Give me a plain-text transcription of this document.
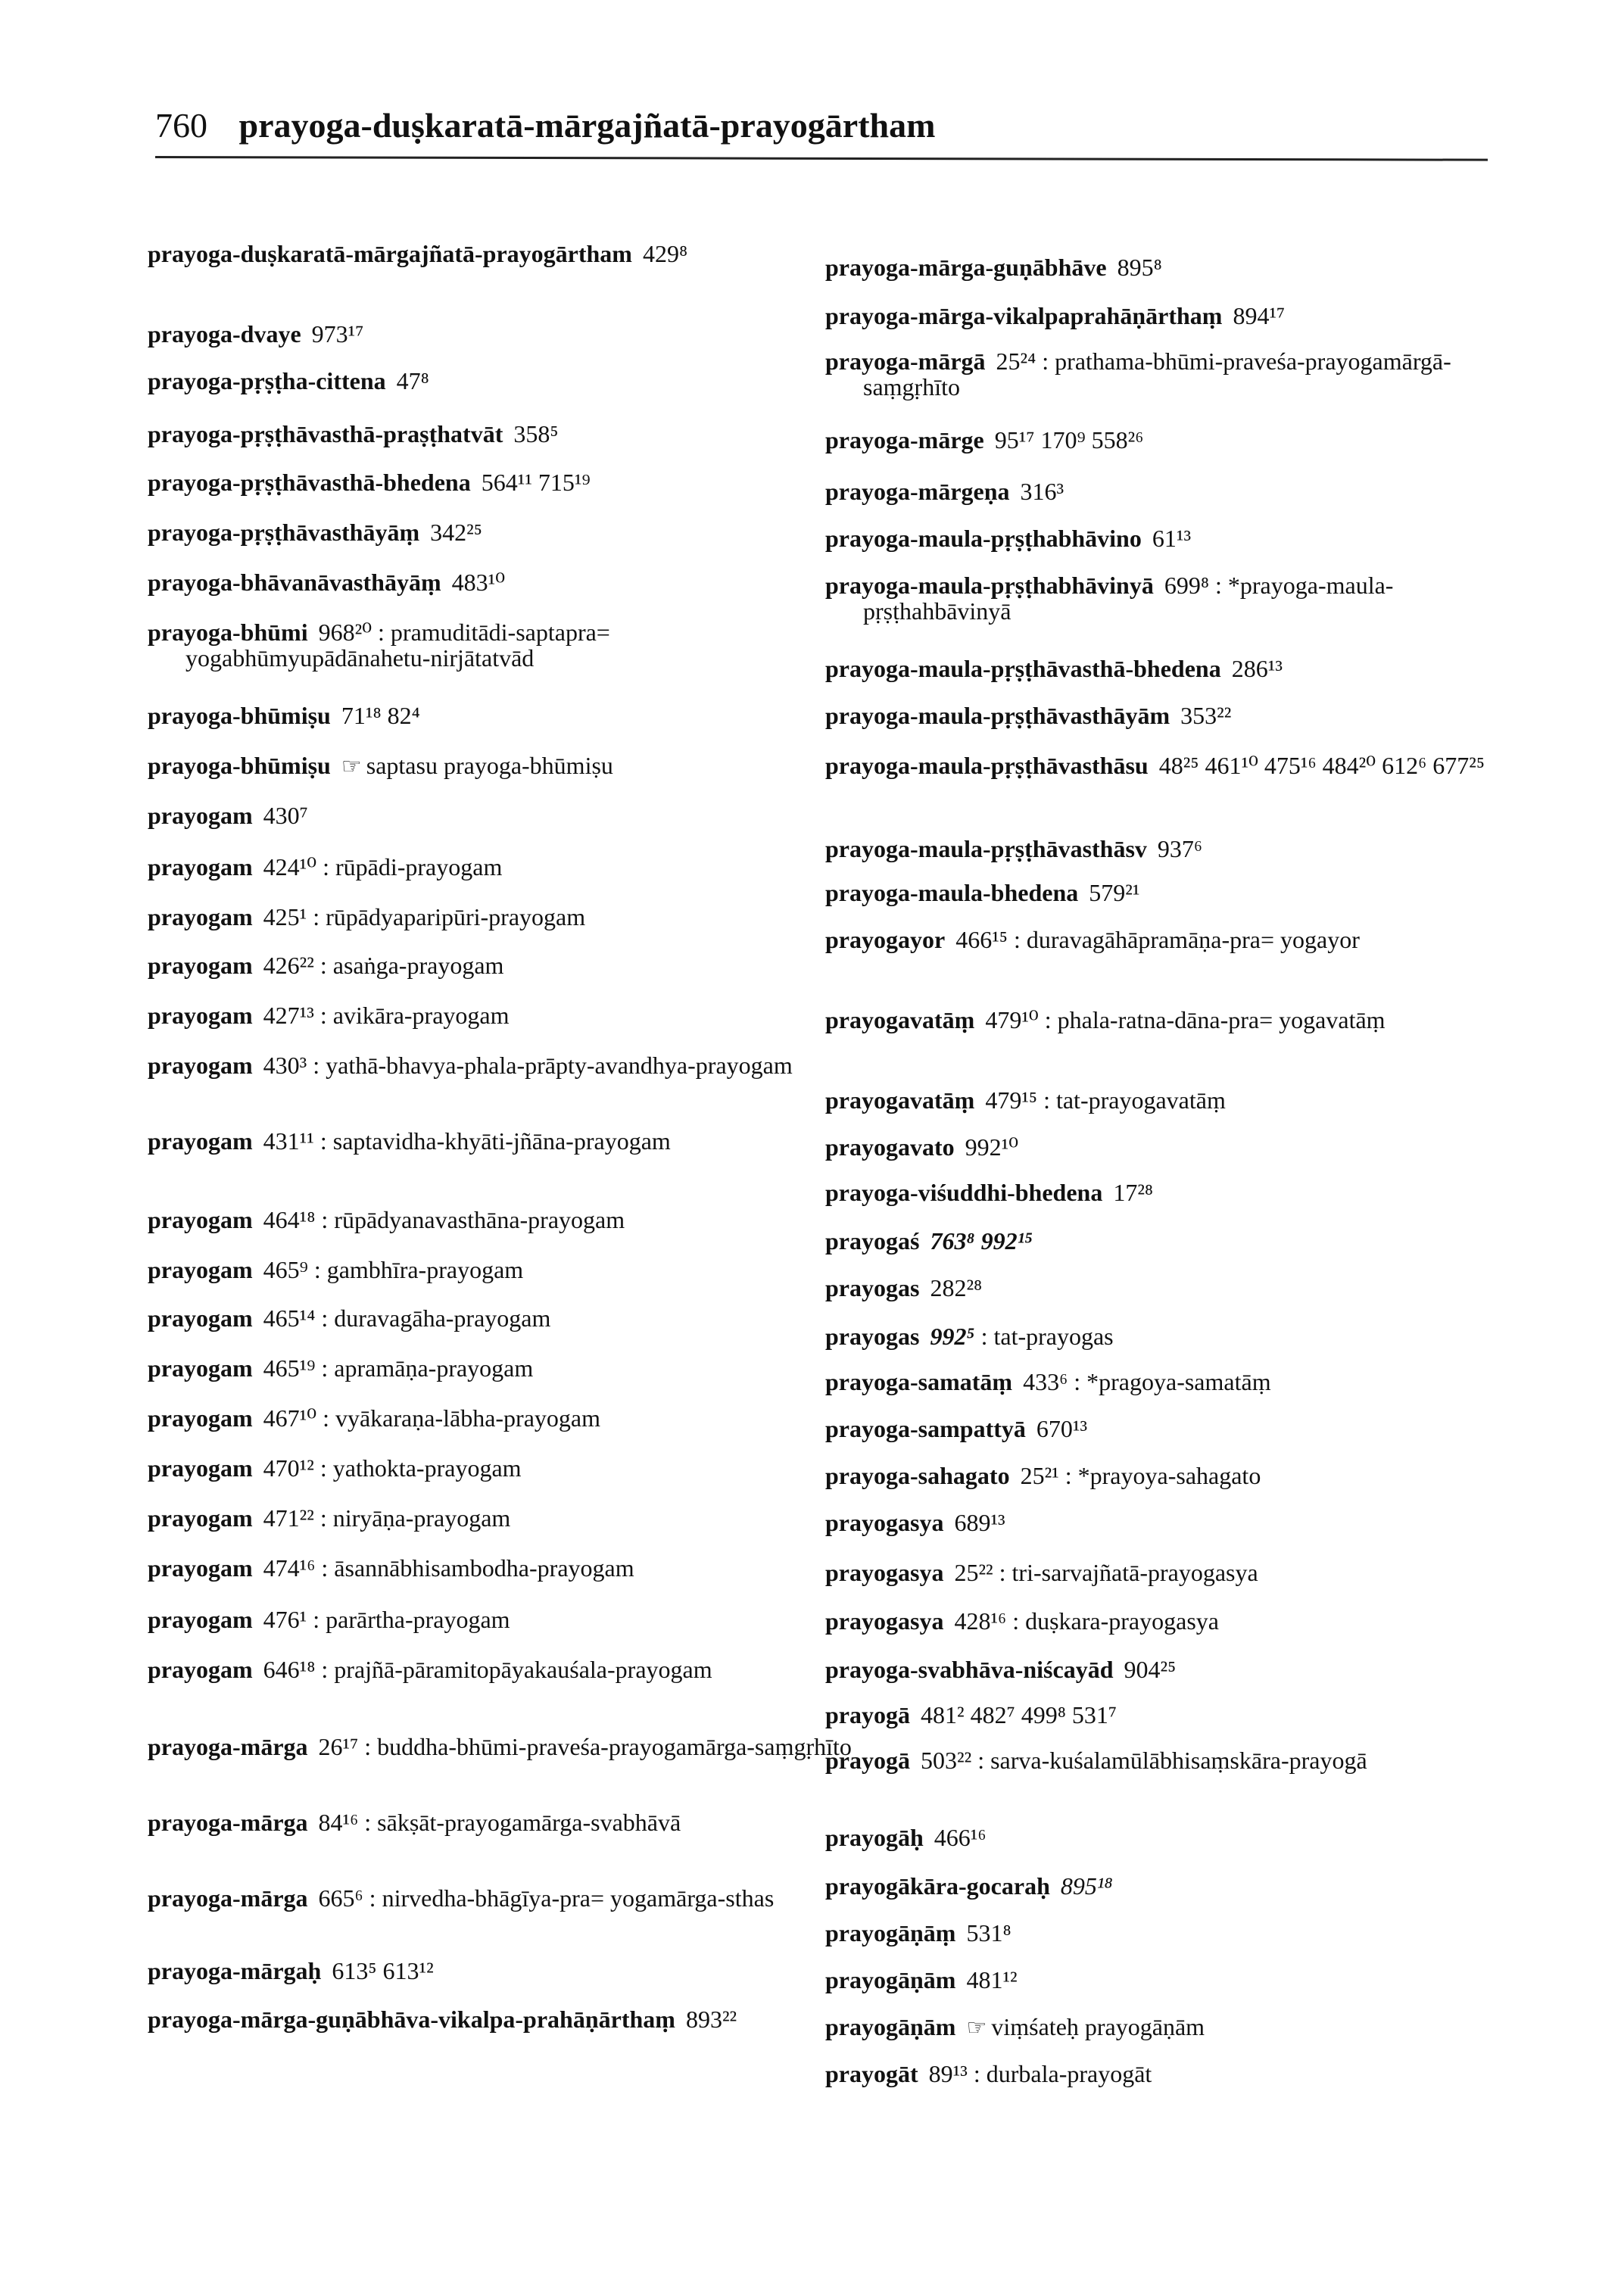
760 prayoga-duṣkaratā-mārgajñatā-prayogārtham
prayoga-duṣkaratā-mārgajñatā-prayogārtham 429⁸
prayoga-dvaye 973¹⁷
prayoga-pṛṣṭha-cittena 47⁸
prayoga-pṛṣṭhāvasthā-praṣṭhatvāt 358⁵
prayoga-pṛṣṭhāvasthā-bhedena 564¹¹ 715¹⁹
prayoga-pṛṣṭhāvasthāyāṃ 342²⁵
prayoga-bhāvanāvasthāyāṃ 483¹⁰
prayoga-bhūmi 968²⁰ : pramuditādi-saptapra= yogabhūmyupādānahetu-nirjātatvād
prayoga-bhūmiṣu 71¹⁸ 82⁴
prayoga-bhūmiṣu ☞ saptasu prayoga-bhūmiṣu
prayogam 430⁷
prayogam 424¹⁰ : rūpādi-prayogam
prayogam 425¹ : rūpādyaparipūri-prayogam
prayogam 426²² : asaṅga-prayogam
prayogam 427¹³ : avikāra-prayogam
prayogam 430³ : yathā-bhavya-phala-prāpty-avandhya-prayogam
prayogam 431¹¹ : saptavidha-khyāti-jñāna-prayogam
prayogam 464¹⁸ : rūpādyanavasthāna-prayogam
prayogam 465⁹ : gambhīra-prayogam
prayogam 465¹⁴ : duravagāha-prayogam
prayogam 465¹⁹ : apramāṇa-prayogam
prayogam 467¹⁰ : vyākaraṇa-lābha-prayogam
prayogam 470¹² : yathokta-prayogam
prayogam 471²² : niryāṇa-prayogam
prayogam 474¹⁶ : āsannābhisambodha-prayogam
prayogam 476¹ : parārtha-prayogam
prayogam 646¹⁸ : prajñā-pāramitopāyakauśala-prayogam
prayoga-mārga 26¹⁷ : buddha-bhūmi-praveśa-prayogamārga-saṃgṛhīto
prayoga-mārga 84¹⁶ : sākṣāt-prayogamārga-svabhāvā
prayoga-mārga 665⁶ : nirvedha-bhāgīya-pra= yogamārga-sthas
prayoga-mārgaḥ 613⁵ 613¹²
prayoga-mārga-guṇābhāva-vikalpa-prahāṇārthaṃ 893²²
prayoga-mārga-guṇābhāve 895⁸
prayoga-mārga-vikalpaprahāṇārthaṃ 894¹⁷
prayoga-mārgā 25²⁴ : prathama-bhūmi-praveśa-prayogamārgā-saṃgṛhīto
prayoga-mārge 95¹⁷ 170⁹ 558²⁶
prayoga-mārgeṇa 316³
prayoga-maula-pṛṣṭhabhāvino 61¹³
prayoga-maula-pṛṣṭhabhāvinyā 699⁸ : *prayoga-maula-pṛṣṭhahbāvinyā
prayoga-maula-pṛṣṭhāvasthā-bhedena 286¹³
prayoga-maula-pṛṣṭhāvasthāyām 353²²
prayoga-maula-pṛṣṭhāvasthāsu 48²⁵ 461¹⁰ 475¹⁶ 484²⁰ 612⁶ 677²⁵
prayoga-maula-pṛṣṭhāvasthāsv 937⁶
prayoga-maula-bhedena 579²¹
prayogayor 466¹⁵ : duravagāhāpramāṇa-pra= yogayor
prayogavatāṃ 479¹⁰ : phala-ratna-dāna-pra= yogavatāṃ
prayogavatāṃ 479¹⁵ : tat-prayogavatāṃ
prayogavato 992¹⁰
prayoga-viśuddhi-bhedena 17²⁸
prayogaś 763⁸ 992¹⁵
prayogas 282²⁸
prayogas 992⁵ : tat-prayogas
prayoga-samatāṃ 433⁶ : *pragoya-samatāṃ
prayoga-sampattyā 670¹³
prayoga-sahagato 25²¹ : *prayoya-sahagato
prayogasya 689¹³
prayogasya 25²² : tri-sarvajñatā-prayogasya
prayogasya 428¹⁶ : duṣkara-prayogasya
prayoga-svabhāva-niścayād 904²⁵
prayogā 481² 482⁷ 499⁸ 531⁷
prayogā 503²² : sarva-kuśalamūlābhisaṃskāra-prayogā
prayogāḥ 466¹⁶
prayogākāra-gocaraḥ 895¹⁸
prayogāṇāṃ 531⁸
prayogāṇām 481¹²
prayogāṇām ☞ viṃśateḥ prayogāṇām
prayogāt 89¹³ : durbala-prayogāt
